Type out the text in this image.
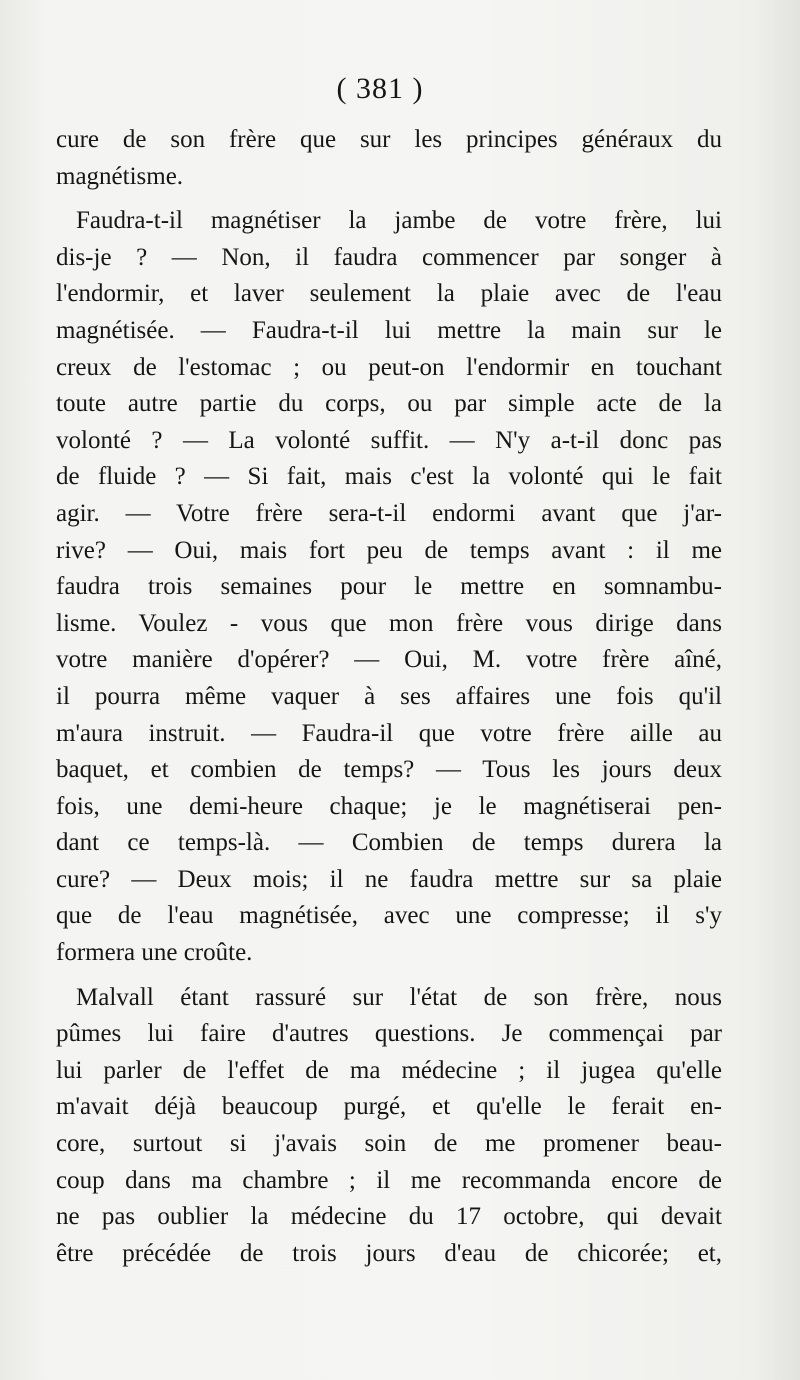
( 381 )
cure de son frère que sur les principes généraux du
magnétisme.
Faudra-t-il magnétiser la jambe de votre frère, lui
dis-je ? — Non, il faudra commencer par songer à
l'endormir, et laver seulement la plaie avec de l'eau
magnétisée. — Faudra-t-il lui mettre la main sur le
creux de l'estomac ; ou peut-on l'endormir en touchant
toute autre partie du corps, ou par simple acte de la
volonté ? — La volonté suffit. — N'y a-t-il donc pas
de fluide ? — Si fait, mais c'est la volonté qui le fait
agir. — Votre frère sera-t-il endormi avant que j'ar-
rive? — Oui, mais fort peu de temps avant : il me
faudra trois semaines pour le mettre en somnambu-
lisme. Voulez - vous que mon frère vous dirige dans
votre manière d'opérer? — Oui, M. votre frère aîné,
il pourra même vaquer à ses affaires une fois qu'il
m'aura instruit. — Faudra-il que votre frère aille au
baquet, et combien de temps? — Tous les jours deux
fois, une demi-heure chaque; je le magnétiserai pen-
dant ce temps-là. — Combien de temps durera la
cure? — Deux mois; il ne faudra mettre sur sa plaie
que de l'eau magnétisée, avec une compresse; il s'y
formera une croûte.
Malvall étant rassuré sur l'état de son frère, nous
pûmes lui faire d'autres questions. Je commençai par
lui parler de l'effet de ma médecine ; il jugea qu'elle
m'avait déjà beaucoup purgé, et qu'elle le ferait en-
core, surtout si j'avais soin de me promener beau-
coup dans ma chambre ; il me recommanda encore de
ne pas oublier la médecine du 17 octobre, qui devait
être précédée de trois jours d'eau de chicorée; et,
